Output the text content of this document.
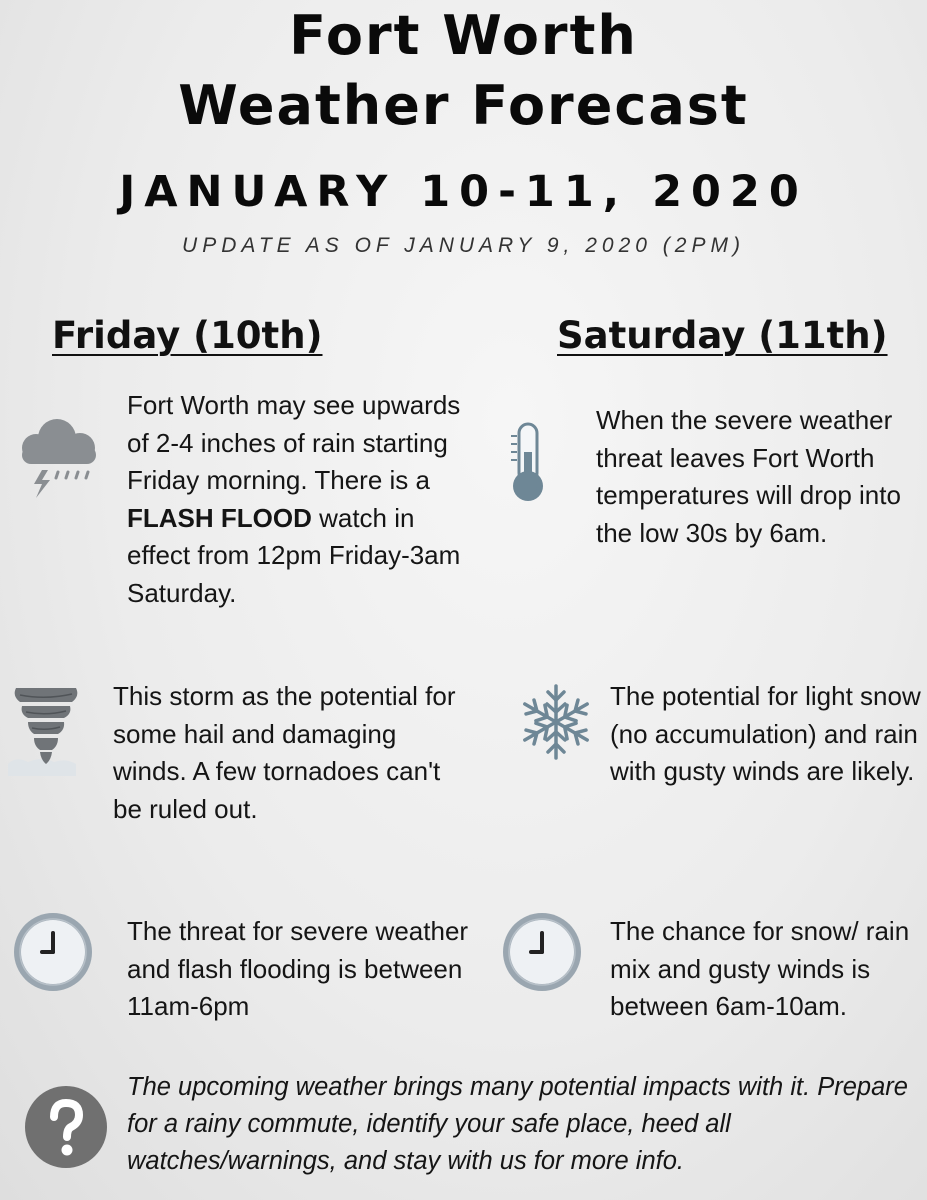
Fort Worth
Weather Forecast
JANUARY 10-11, 2020
UPDATE AS OF JANUARY 9, 2020 (2PM)
Friday (10th)	Saturday (11th)
Fort Worth may see upwards of 2-4 inches of rain starting Friday morning. There is a FLASH FLOOD watch in effect from 12pm Friday-3am Saturday.
This storm as the potential for some hail and damaging winds. A few tornadoes can't be ruled out.
The threat for severe weather and flash flooding is between 11am-6pm
When the severe weather threat leaves Fort Worth temperatures will drop into the low 30s by 6am.
The potential for light snow (no accumulation) and rain with gusty winds are likely.
The chance for snow/ rain mix and gusty winds is between 6am-10am.
The upcoming weather brings many potential impacts with it. Prepare for a rainy commute, identify your safe place, heed all watches/warnings, and stay with us for more info.
